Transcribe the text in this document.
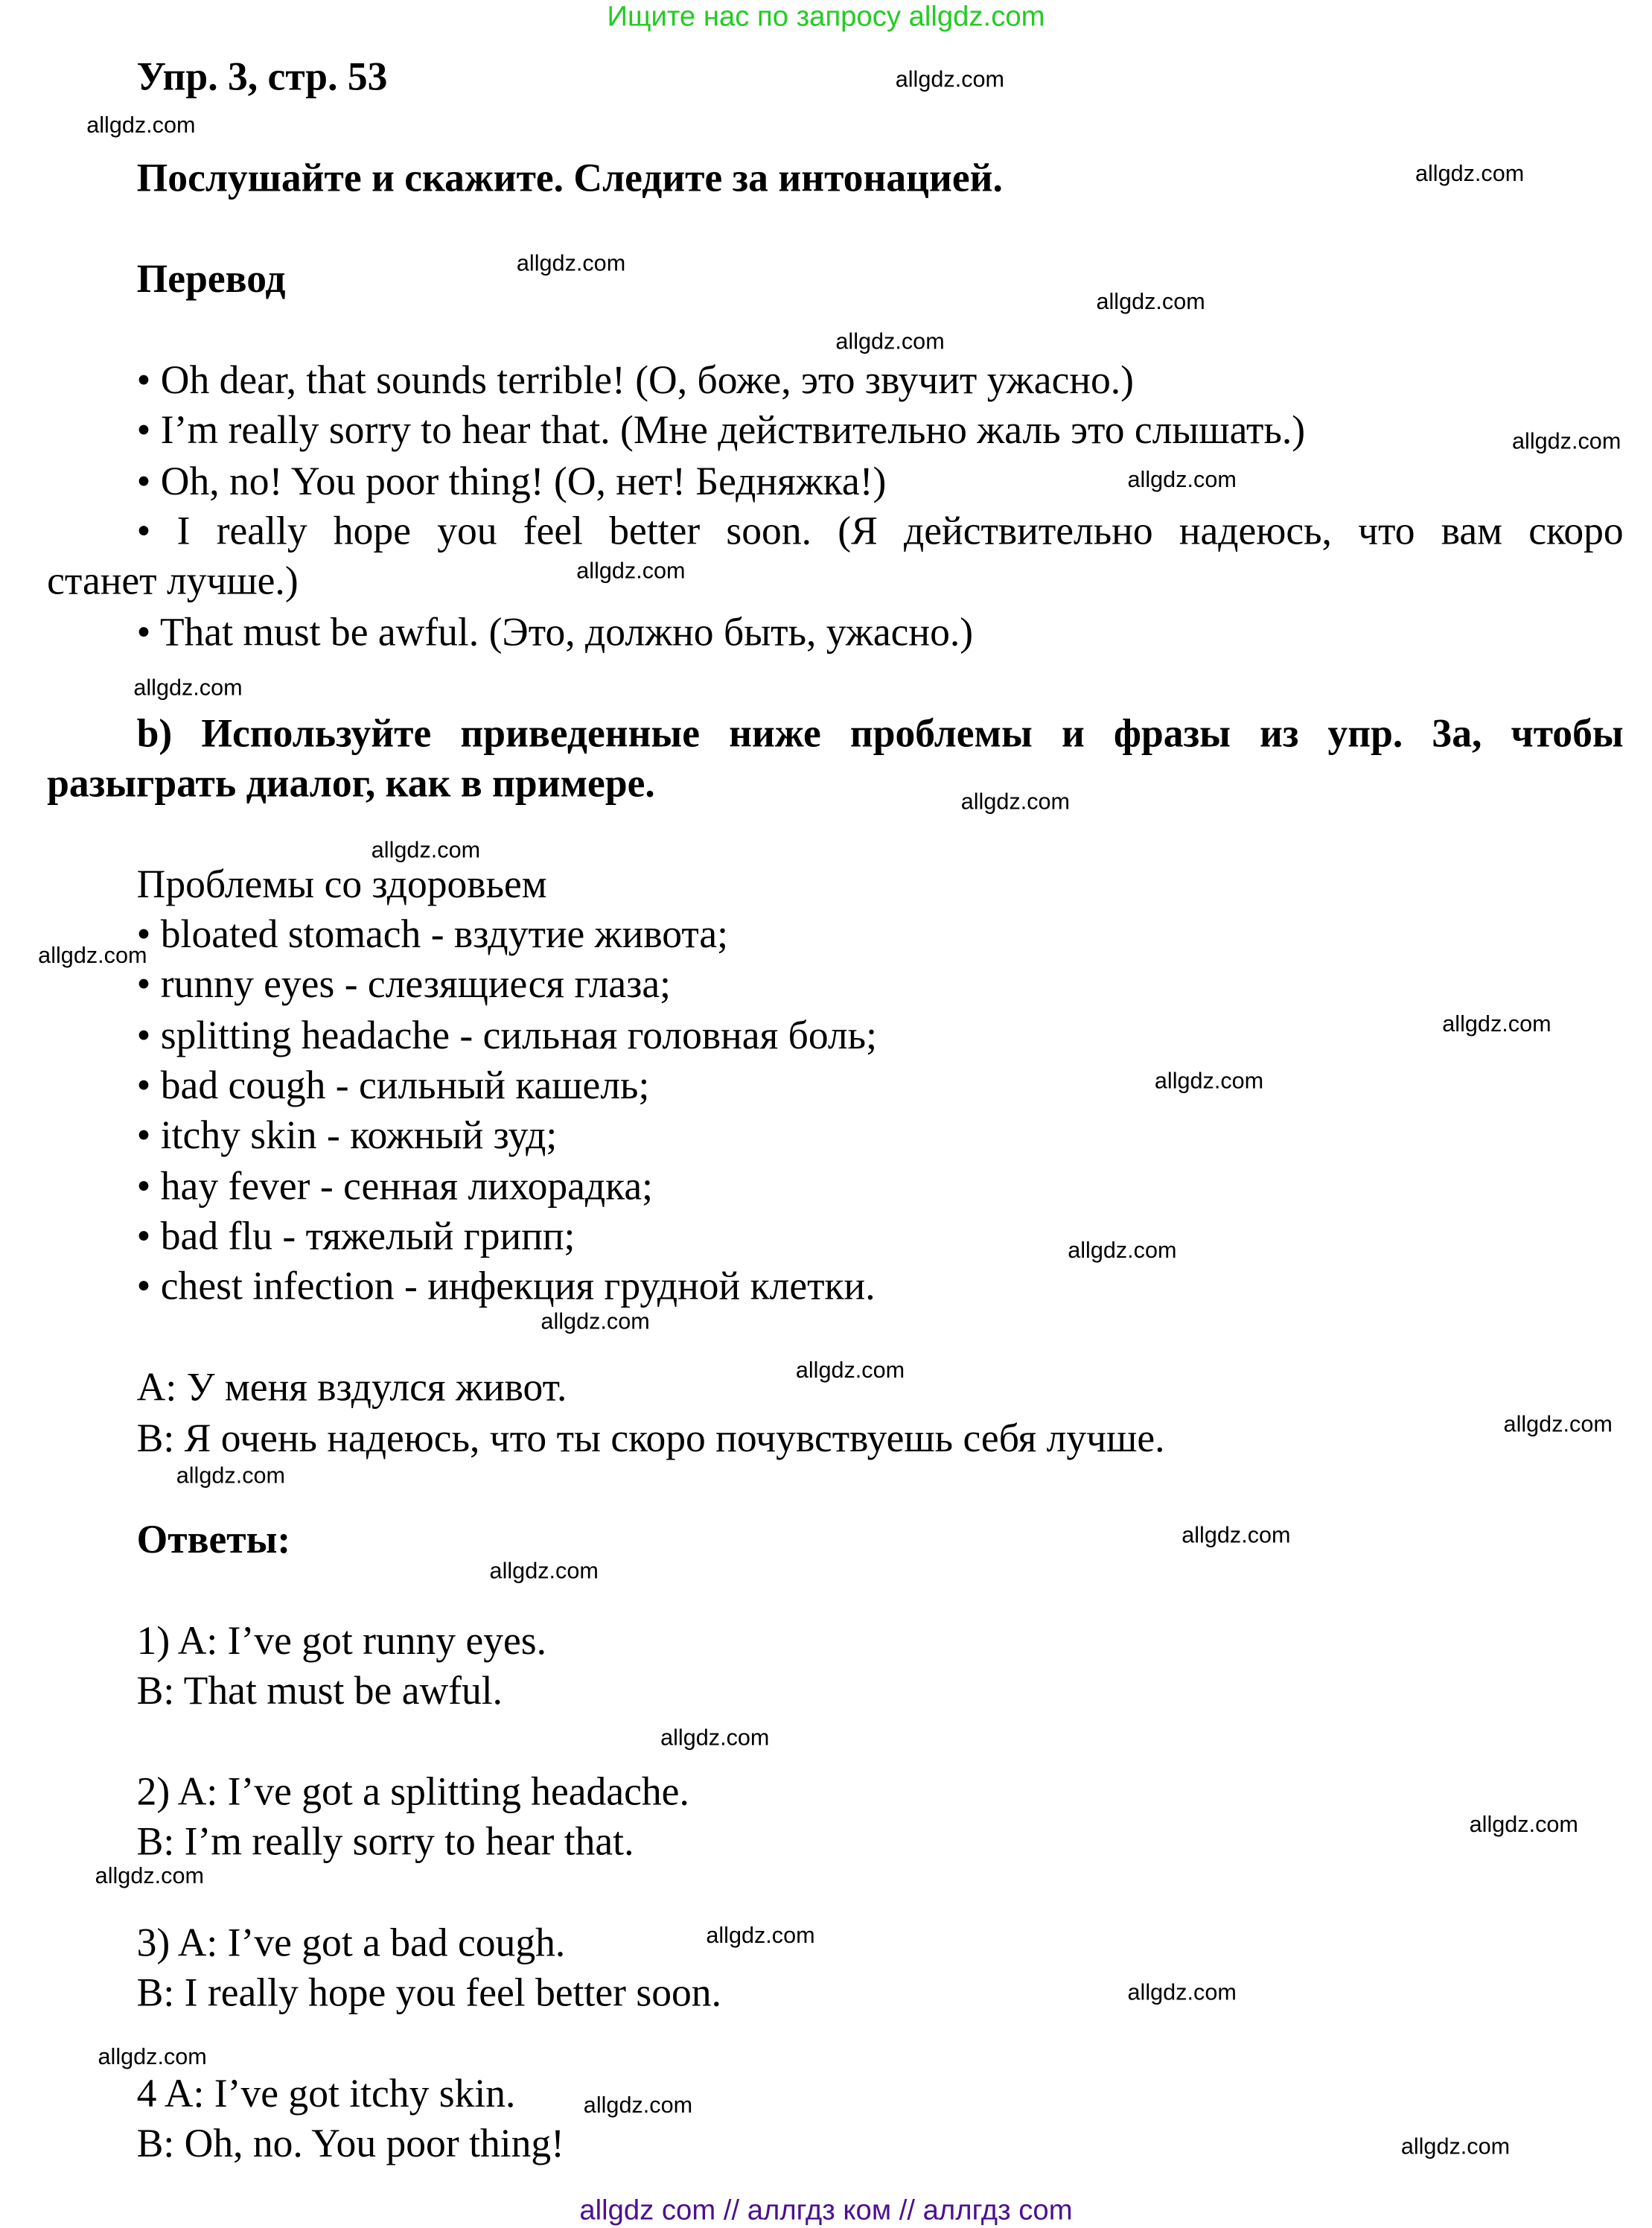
Ищите нас по запросу allgdz.com
Упр. 3, стр. 53
Послушайте и скажите. Следите за интонацией.
Перевод
• Oh dear, that sounds terrible! (О, боже, это звучит ужасно.)
• I’m really sorry to hear that. (Мне действительно жаль это слышать.)
• Oh, no! You poor thing! (О, нет! Бедняжка!)
• I really hope you feel better soon. (Я действительно надеюсь, что вам скоро
станет лучше.)
• That must be awful. (Это, должно быть, ужасно.)
b) Используйте приведенные ниже проблемы и фразы из упр. 3а, чтобы
разыграть диалог, как в примере.
Проблемы со здоровьем
• bloated stomach - вздутие живота;
• runny eyes - слезящиеся глаза;
• splitting headache - сильная головная боль;
• bad cough - сильный кашель;
• itchy skin - кожный зуд;
• hay fever - сенная лихорадка;
• bad flu - тяжелый грипп;
• chest infection - инфекция грудной клетки.
А: У меня вздулся живот.
В: Я очень надеюсь, что ты скоро почувствуешь себя лучше.
Ответы:
1) A: I’ve got runny eyes.
B: That must be awful.
2) A: I’ve got a splitting headache.
B: I’m really sorry to hear that.
3) A: I’ve got a bad cough.
B: I really hope you feel better soon.
4 A: I’ve got itchy skin.
B: Oh, no. You poor thing!
allgdz.com
allgdz.com
allgdz.com
allgdz.com
allgdz.com
allgdz.com
allgdz.com
allgdz.com
allgdz.com
allgdz.com
allgdz.com
allgdz.com
allgdz.com
allgdz.com
allgdz.com
allgdz.com
allgdz.com
allgdz.com
allgdz.com
allgdz.com
allgdz.com
allgdz.com
allgdz.com
allgdz.com
allgdz.com
allgdz.com
allgdz.com
allgdz.com
allgdz.com
allgdz.com
allgdz com // аллгдз ком // аллгдз com
